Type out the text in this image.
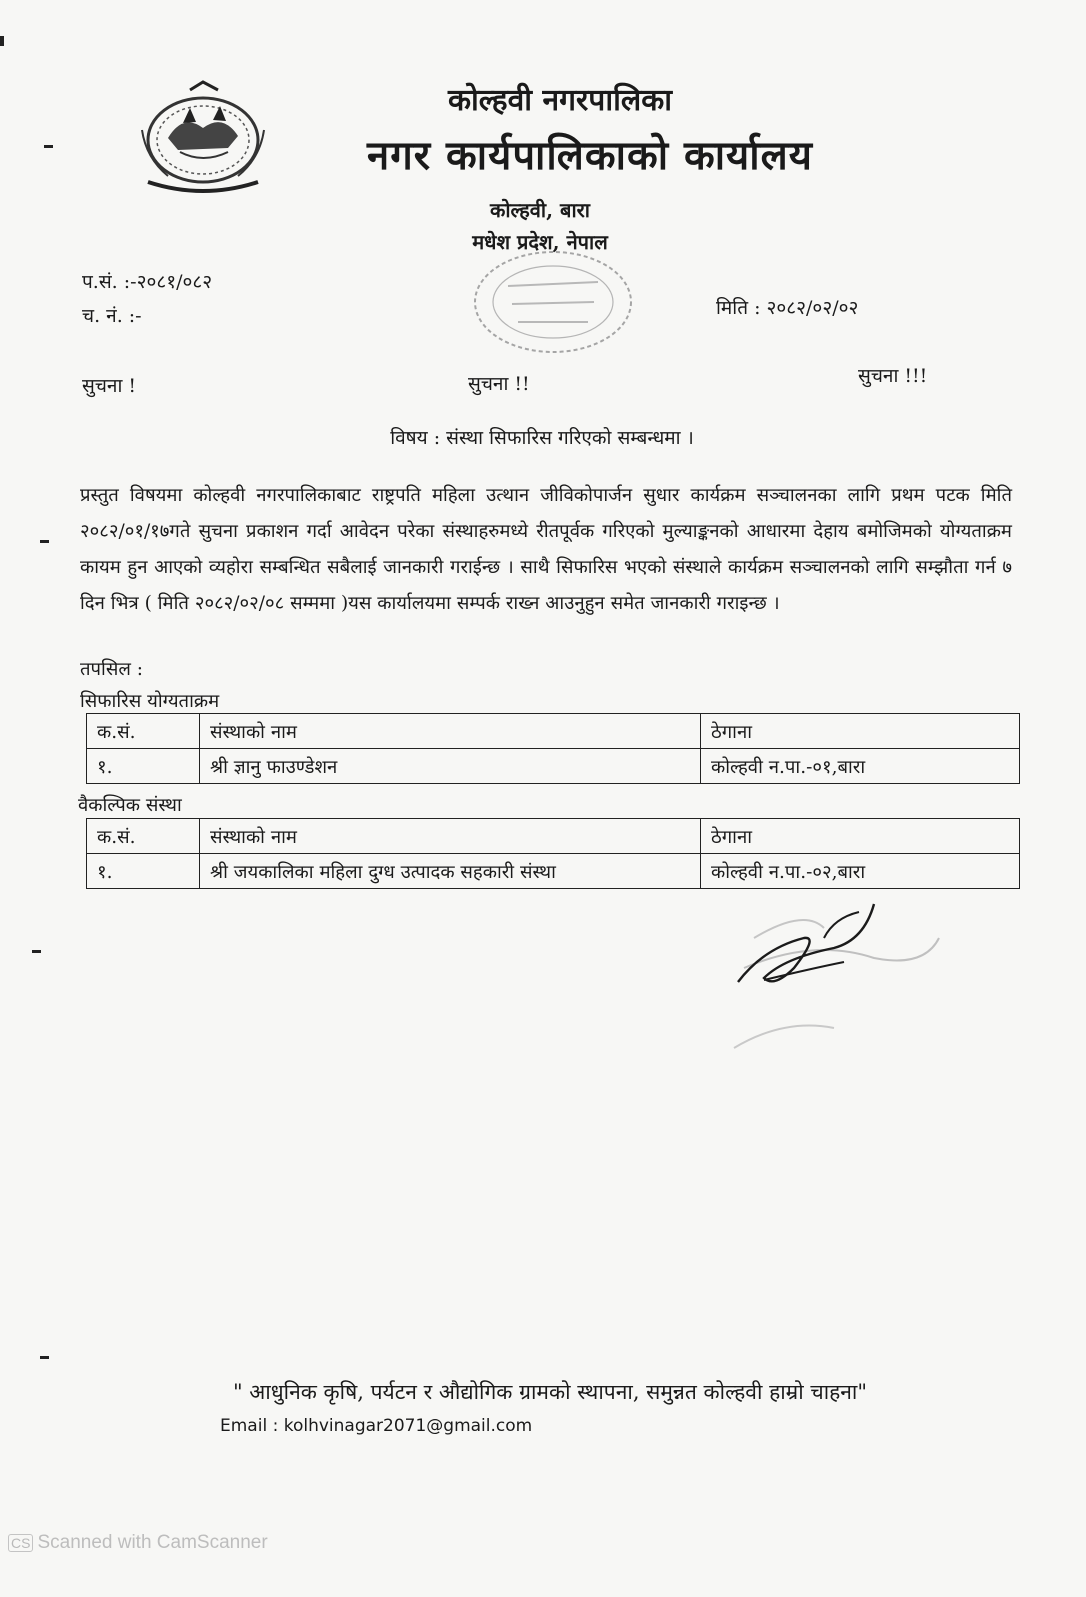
कोल्हवी नगरपालिका
नगर कार्यपालिकाको कार्यालय
कोल्हवी, बारा
मधेश प्रदेश, नेपाल
प.सं. :-२०८१/०८२
च. नं. :-	मिति : २०८२/०२/०२
सुचना !	सुचना !!	सुचना !!!
विषय : संस्था सिफारिस गरिएको सम्बन्धमा ।
प्रस्तुत विषयमा कोल्हवी नगरपालिकाबाट राष्ट्रपति महिला उत्थान जीविकोपार्जन सुधार कार्यक्रम सञ्चालनका लागि प्रथम पटक मिति २०८२/०१/१७गते सुचना प्रकाशन गर्दा आवेदन परेका संस्थाहरुमध्ये रीतपूर्वक गरिएको मुल्याङ्कनको आधारमा देहाय बमोजिमको योग्यताक्रम कायम हुन आएको व्यहोरा सम्बन्धित सबैलाई जानकारी गराईन्छ । साथै सिफारिस भएको संस्थाले कार्यक्रम सञ्चालनको लागि सम्झौता गर्न ७ दिन भित्र ( मिति २०८२/०२/०८ सम्ममा )यस कार्यालयमा सम्पर्क राख्न आउनुहुन समेत जानकारी गराइन्छ ।
तपसिल :
सिफारिस योग्यताक्रम
क.सं.	संस्थाको नाम	ठेगाना
१.	श्री ज्ञानु फाउण्डेशन	कोल्हवी न.पा.-०१,बारा
वैकल्पिक संस्था
क.सं.	संस्थाको नाम	ठेगाना
१.	श्री जयकालिका महिला दुग्ध उत्पादक सहकारी संस्था	कोल्हवी न.पा.-०२,बारा
" आधुनिक कृषि, पर्यटन र औद्योगिक ग्रामको स्थापना, समुन्नत कोल्हवी हाम्रो चाहना"
Email : kolhvinagar2071@gmail.com
CS Scanned with CamScanner
